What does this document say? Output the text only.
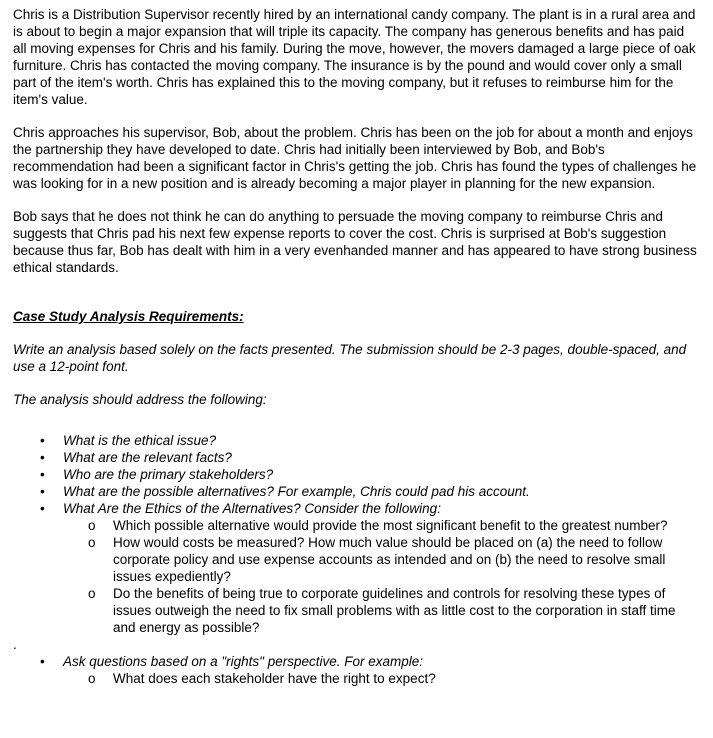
Chris is a Distribution Supervisor recently hired by an international candy company. The plant is in a rural area and is about to begin a major expansion that will triple its capacity. The company has generous benefits and has paid all moving expenses for Chris and his family. During the move, however, the movers damaged a large piece of oak furniture. Chris has contacted the moving company. The insurance is by the pound and would cover only a small part of the item's worth. Chris has explained this to the moving company, but it refuses to reimburse him for the item's value.

Chris approaches his supervisor, Bob, about the problem. Chris has been on the job for about a month and enjoys the partnership they have developed to date. Chris had initially been interviewed by Bob, and Bob's recommendation had been a significant factor in Chris's getting the job. Chris has found the types of challenges he was looking for in a new position and is already becoming a major player in planning for the new expansion.

Bob says that he does not think he can do anything to persuade the moving company to reimburse Chris and suggests that Chris pad his next few expense reports to cover the cost. Chris is surprised at Bob's suggestion because thus far, Bob has dealt with him in a very evenhanded manner and has appeared to have strong business ethical standards.

Case Study Analysis Requirements:

Write an analysis based solely on the facts presented. The submission should be 2-3 pages, double-spaced, and use a 12-point font.

The analysis should address the following:

•	What is the ethical issue?
•	What are the relevant facts?
•	Who are the primary stakeholders?
•	What are the possible alternatives? For example, Chris could pad his account.
•	What Are the Ethics of the Alternatives? Consider the following:
o	Which possible alternative would provide the most significant benefit to the greatest number?
o	How would costs be measured? How much value should be placed on (a) the need to follow corporate policy and use expense accounts as intended and on (b) the need to resolve small issues expediently?
o	Do the benefits of being true to corporate guidelines and controls for resolving these types of issues outweigh the need to fix small problems with as little cost to the corporation in staff time and energy as possible?

.

•	Ask questions based on a "rights" perspective. For example:
o	What does each stakeholder have the right to expect?
